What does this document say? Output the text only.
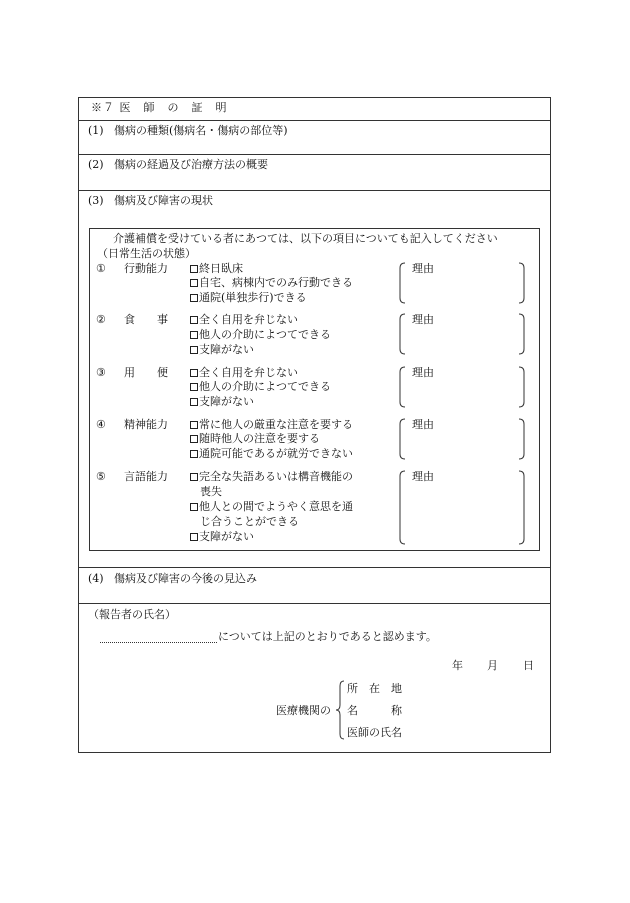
※７ 医　師　の　証　明
(1) 傷病の種類(傷病名・傷病の部位等)
(2) 傷病の経過及び治療方法の概要
(3) 傷病及び障害の現状
介護補償を受けている者にあつては、以下の項目についても記入してください
（日常生活の状態）
① 行動能力	終日臥床
自宅、病棟内でのみ行動できる
通院(単独歩行)できる
理由
② 食　　事	全く自用を弁じない
他人の介助によつてできる
支障がない
理由
③ 用　　便	全く自用を弁じない
他人の介助によつてできる
支障がない
理由
④ 精神能力	常に他人の厳重な注意を要する
随時他人の注意を要する
通院可能であるが就労できない
理由
⑤ 言語能力	完全な失語あるいは構音機能の
喪失
他人との間でようやく意思を通
じ合うことができる
支障がない
理由
(4) 傷病及び障害の今後の見込み
（報告者の氏名）
については上記のとおりであると認めます。
年 月 日
医療機関の
所　在　地
名　　　称
医師の氏名
